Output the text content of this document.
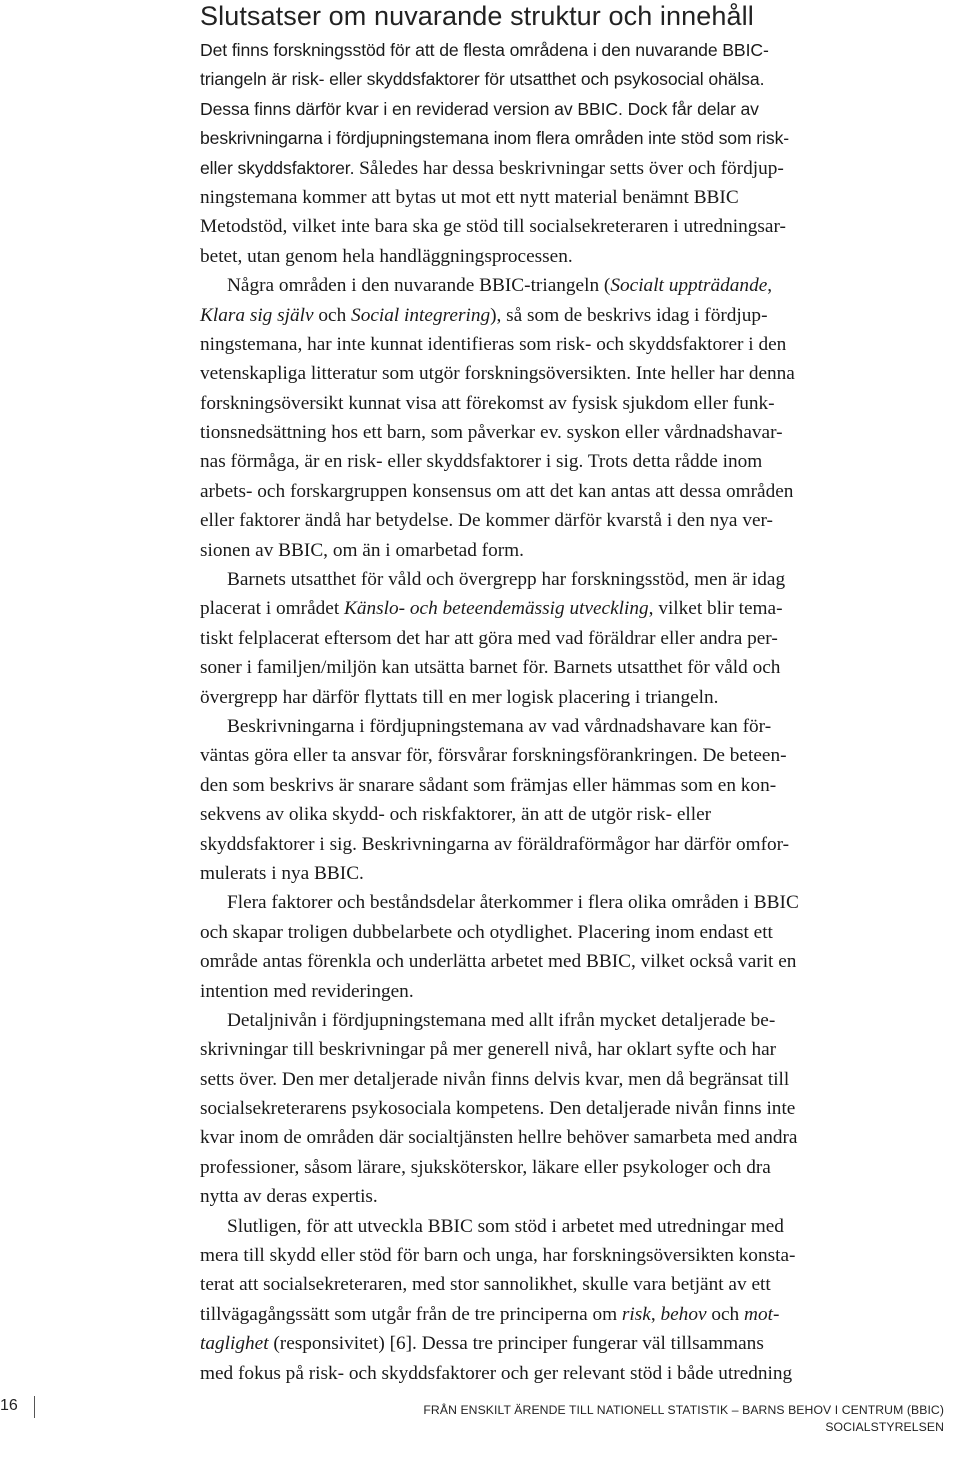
Slutsatser om nuvarande struktur och innehåll
Det finns forskningsstöd för att de flesta områdena i den nuvarande BBIC-
triangeln är risk- eller skyddsfaktorer för utsatthet och psykosocial ohälsa.
Dessa finns därför kvar i en reviderad version av BBIC. Dock får delar av
beskrivningarna i fördjupningstemana inom flera områden inte stöd som risk-
eller skyddsfaktorer. Således har dessa beskrivningar setts över och fördjup-
ningstemana kommer att bytas ut mot ett nytt material benämnt BBIC
Metodstöd, vilket inte bara ska ge stöd till socialsekreteraren i utredningsar-
betet, utan genom hela handläggningsprocessen.
Några områden i den nuvarande BBIC-triangeln (Socialt uppträdande,
Klara sig själv och Social integrering), så som de beskrivs idag i fördjup-
ningstemana, har inte kunnat identifieras som risk- och skyddsfaktorer i den
vetenskapliga litteratur som utgör forskningsöversikten. Inte heller har denna
forskningsöversikt kunnat visa att förekomst av fysisk sjukdom eller funk-
tionsnedsättning hos ett barn, som påverkar ev. syskon eller vårdnadshavar-
nas förmåga, är en risk- eller skyddsfaktorer i sig. Trots detta rådde inom
arbets- och forskargruppen konsensus om att det kan antas att dessa områden
eller faktorer ändå har betydelse. De kommer därför kvarstå i den nya ver-
sionen av BBIC, om än i omarbetad form.
Barnets utsatthet för våld och övergrepp har forskningsstöd, men är idag
placerat i området Känslo- och beteendemässig utveckling, vilket blir tema-
tiskt felplacerat eftersom det har att göra med vad föräldrar eller andra per-
soner i familjen/miljön kan utsätta barnet för. Barnets utsatthet för våld och
övergrepp har därför flyttats till en mer logisk placering i triangeln.
Beskrivningarna i fördjupningstemana av vad vårdnadshavare kan för-
väntas göra eller ta ansvar för, försvårar forskningsförankringen. De beteen-
den som beskrivs är snarare sådant som främjas eller hämmas som en kon-
sekvens av olika skydd- och riskfaktorer, än att de utgör risk- eller
skyddsfaktorer i sig. Beskrivningarna av föräldraförmågor har därför omfor-
mulerats i nya BBIC.
Flera faktorer och beståndsdelar återkommer i flera olika områden i BBIC
och skapar troligen dubbelarbete och otydlighet. Placering inom endast ett
område antas förenkla och underlätta arbetet med BBIC, vilket också varit en
intention med revideringen.
Detaljnivån i fördjupningstemana med allt ifrån mycket detaljerade be-
skrivningar till beskrivningar på mer generell nivå, har oklart syfte och har
setts över. Den mer detaljerade nivån finns delvis kvar, men då begränsat till
socialsekreterarens psykosociala kompetens. Den detaljerade nivån finns inte
kvar inom de områden där socialtjänsten hellre behöver samarbeta med andra
professioner, såsom lärare, sjuksköterskor, läkare eller psykologer och dra
nytta av deras expertis.
Slutligen, för att utveckla BBIC som stöd i arbetet med utredningar med
mera till skydd eller stöd för barn och unga, har forskningsöversikten konsta-
terat att socialsekreteraren, med stor sannolikhet, skulle vara betjänt av ett
tillvägagångssätt som utgår från de tre principerna om risk, behov och mot-
taglighet (responsivitet) [6]. Dessa tre principer fungerar väl tillsammans
med fokus på risk- och skyddsfaktorer och ger relevant stöd i både utredning
16	FRÅN ENSKILT ÄRENDE TILL NATIONELL STATISTIK – BARNS BEHOV I CENTRUM (BBIC)
SOCIALSTYRELSEN
